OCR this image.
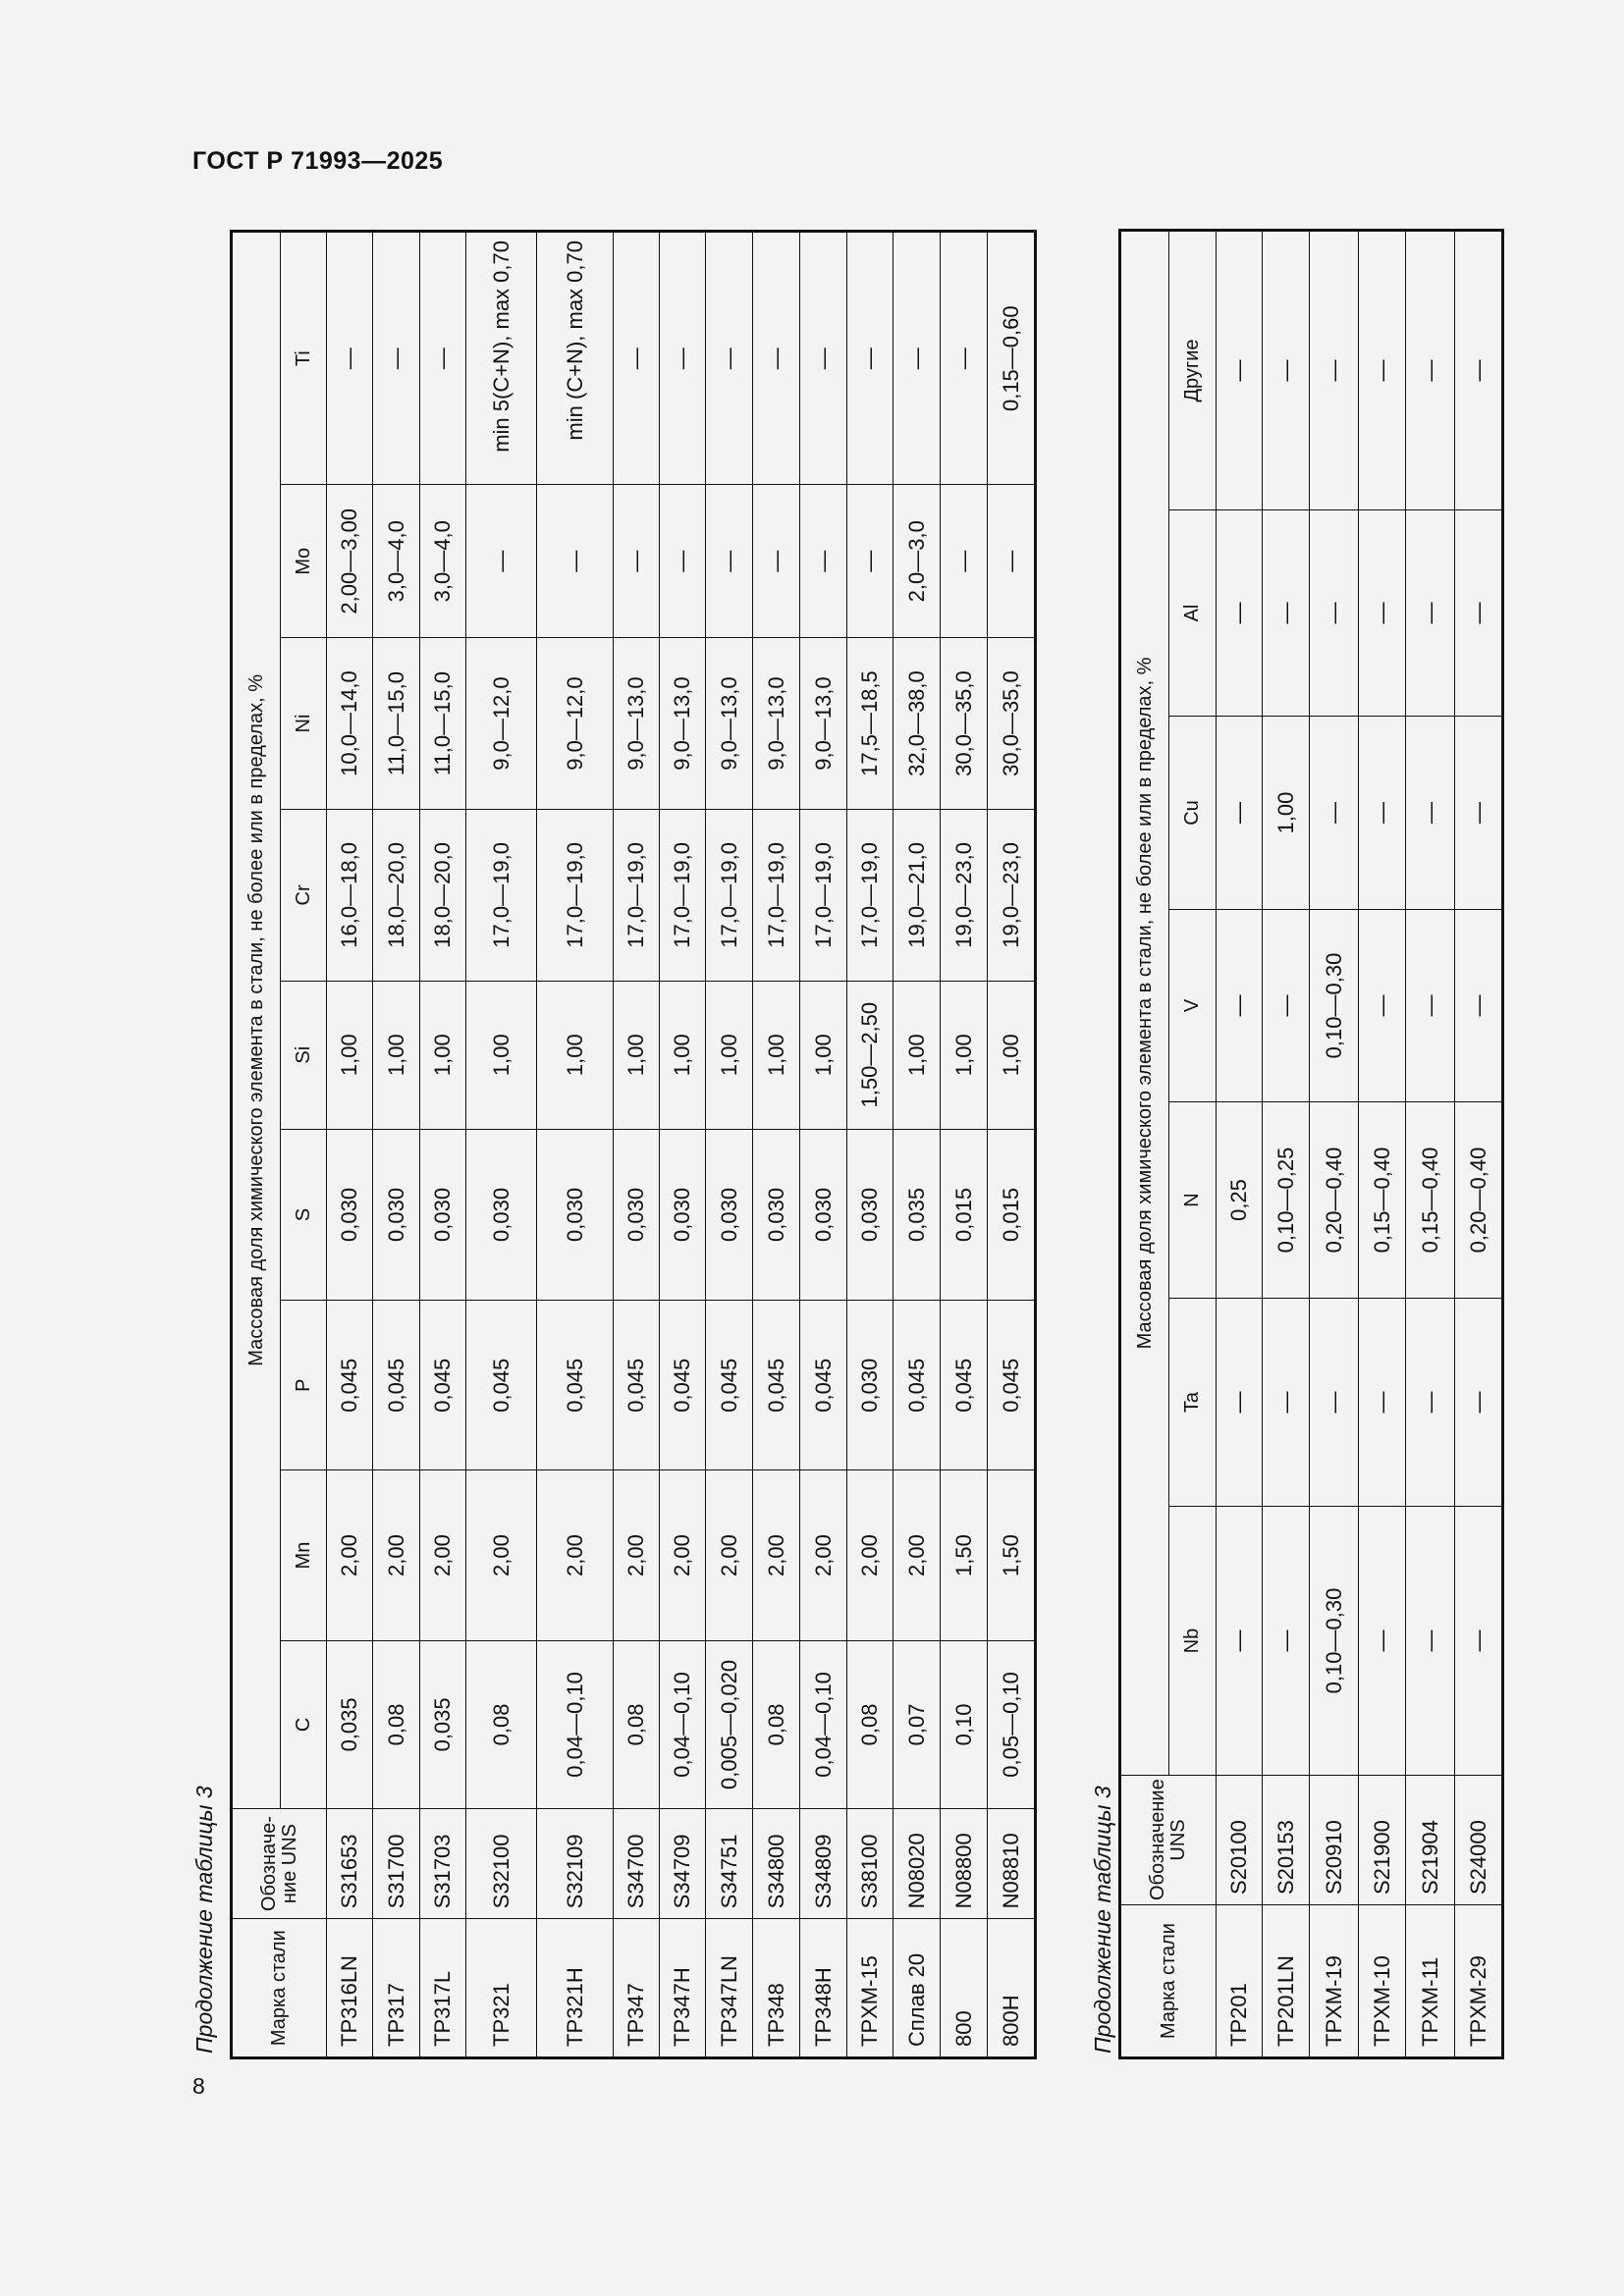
ГОСТ Р 71993—2025
Продолжение таблицы 3	Марка стали	Обозначе-ние UNS	Массовая доля химического элемента в стали, не более или в пределах, %								
		C	Mn	P	S	Si	Cr	Ni	Mo	Ti
TP316LN	S31653	0,035	2,00	0,045	0,030	1,00	16,0—18,0	10,0—14,0	2,00—3,00	—
TP317	S31700	0,08	2,00	0,045	0,030	1,00	18,0—20,0	11,0—15,0	3,0—4,0	—
TP317L	S31703	0,035	2,00	0,045	0,030	1,00	18,0—20,0	11,0—15,0	3,0—4,0	—
TP321	S32100	0,08	2,00	0,045	0,030	1,00	17,0—19,0	9,0—12,0	—	min 5(C+N), max 0,70
TP321H	S32109	0,04—0,10	2,00	0,045	0,030	1,00	17,0—19,0	9,0—12,0	—	min (C+N), max 0,70
TP347	S34700	0,08	2,00	0,045	0,030	1,00	17,0—19,0	9,0—13,0	—	—
TP347H	S34709	0,04—0,10	2,00	0,045	0,030	1,00	17,0—19,0	9,0—13,0	—	—
TP347LN	S34751	0,005—0,020	2,00	0,045	0,030	1,00	17,0—19,0	9,0—13,0	—	—
TP348	S34800	0,08	2,00	0,045	0,030	1,00	17,0—19,0	9,0—13,0	—	—
TP348H	S34809	0,04—0,10	2,00	0,045	0,030	1,00	17,0—19,0	9,0—13,0	—	—
TPXM-15	S38100	0,08	2,00	0,030	0,030	1,50—2,50	17,0—19,0	17,5—18,5	—	—
Сплав 20	N08020	0,07	2,00	0,045	0,035	1,00	19,0—21,0	32,0—38,0	2,0—3,0	—
800	N08800	0,10	1,50	0,045	0,015	1,00	19,0—23,0	30,0—35,0	—	—
800H	N08810	0,05—0,10	1,50	0,045	0,015	1,00	19,0—23,0	30,0—35,0	—	0,15—0,60
Продолжение таблицы 3 Марка стали	Обозначение UNS	Массовая доля химического элемента в стали, не более или в пределах, %						
		Nb	Ta	N	V	Cu	Al	Другие
TP201	S20100	—	—	0,25	—	—	—	—
TP201LN	S20153	—	—	0,10—0,25	—	1,00	—	—
TPXM-19	S20910	0,10—0,30	—	0,20—0,40	0,10—0,30	—	—	—
TPXM-10	S21900	—	—	0,15—0,40	—	—	—	—
TPXM-11	S21904	—	—	0,15—0,40	—	—	—	—
TPXM-29	S24000	—	—	0,20—0,40	—	—	—	—
8
